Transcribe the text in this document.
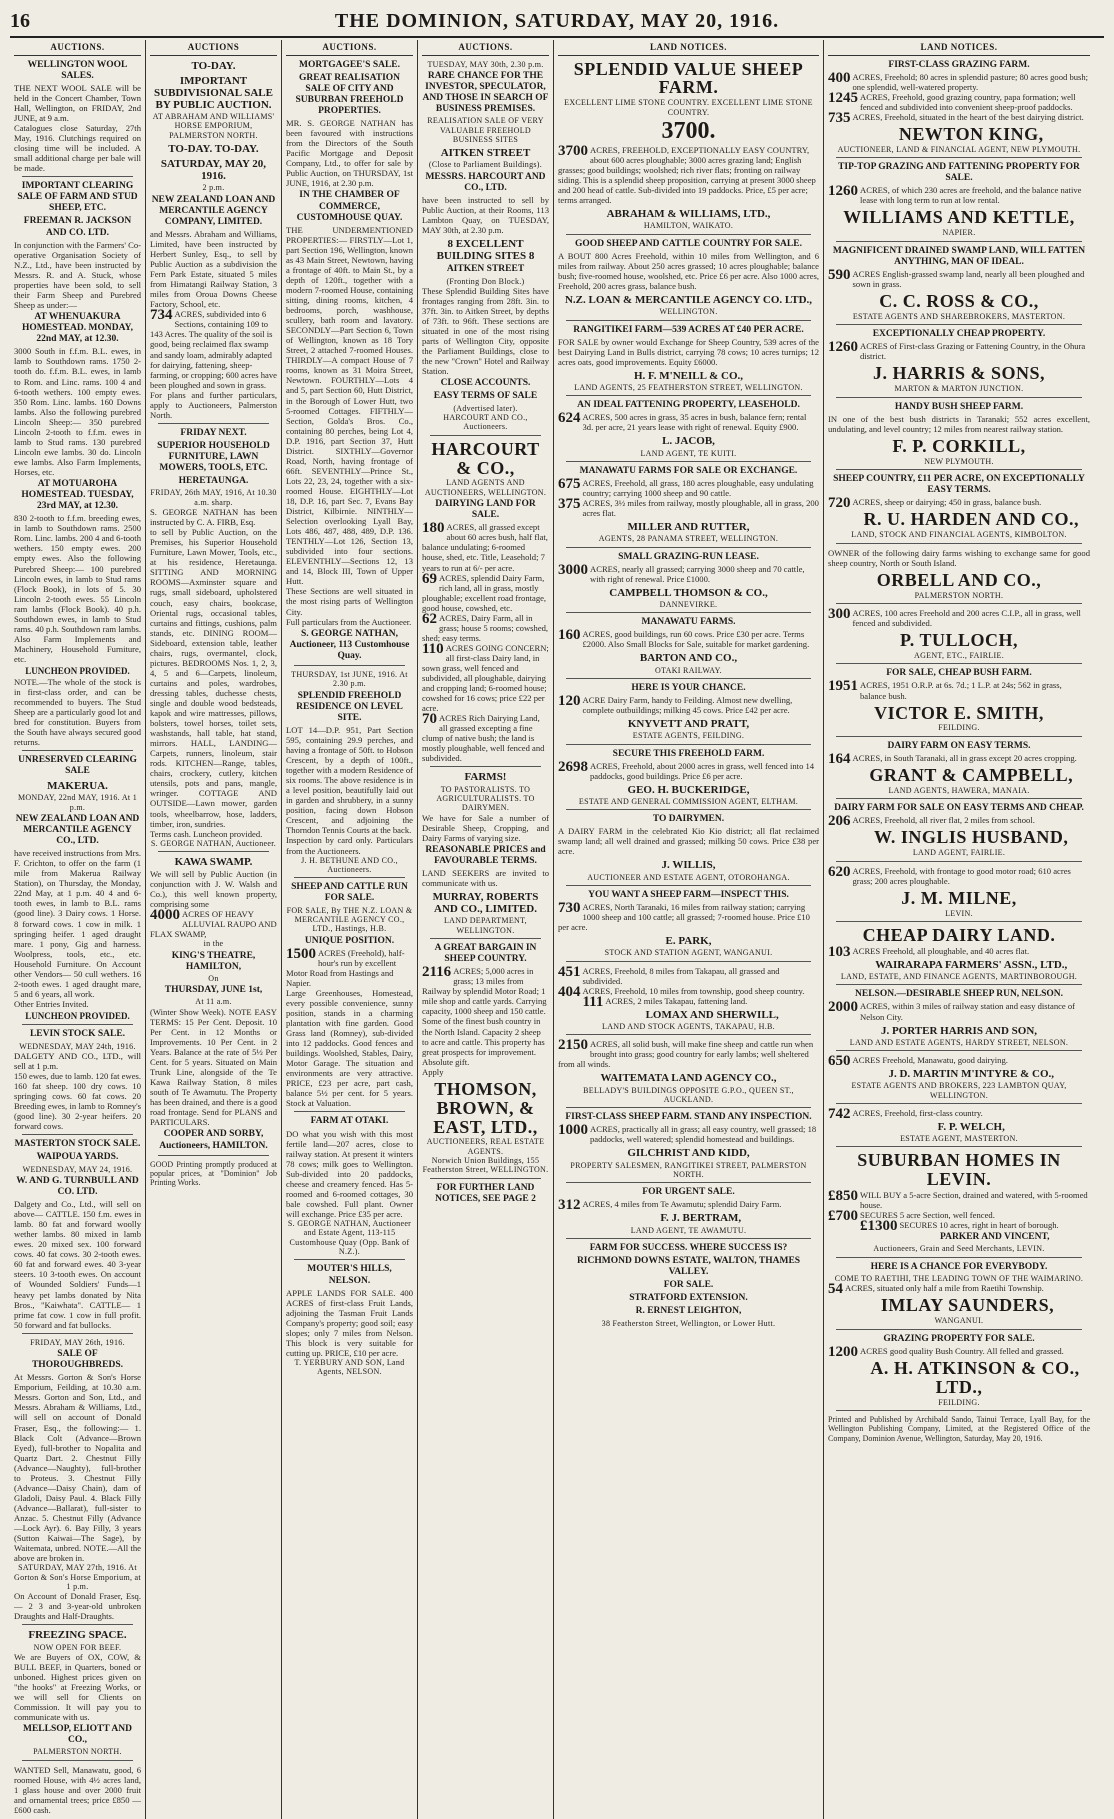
16	THE DOMINION, SATURDAY, MAY 20, 1916.
AUCTIONS.
WELLINGTON WOOL SALES.
THE NEXT WOOL SALE will be held in the Concert Chamber, Town Hall, Wellington, on FRIDAY, 2nd JUNE, at 9 a.m.
Catalogues close Saturday, 27th May, 1916. Clutchings required on closing time will be included. A small additional charge per bale will be made.
IMPORTANT CLEARING SALE OF FARM AND STUD SHEEP, ETC.
FREEMAN R. JACKSON AND CO. LTD.
In conjunction with the Farmers' Co-operative Organisation Society of N.Z., Ltd., have been instructed by Messrs. R. and A. Stuck, whose properties have been sold, to sell their Farm Sheep and Purebred Sheep as under:—
AT WHENUAKURA HOMESTEAD. MONDAY, 22nd MAY, at 12.30.
3000 South in f.f.m. B.L. ewes, in lamb to Southdown rams. 1750 2-tooth do. f.f.m. B.L. ewes, in lamb to Rom. and Linc. rams. 100 4 and 6-tooth wethers. 100 empty ewes. 350 Rom. Linc. lambs. 160 Downs lambs. Also the following purebred Lincoln Sheep:— 350 purebred Lincoln 2-tooth to f.f.m. ewes in lamb to Stud rams. 130 purebred Lincoln ewe lambs. 30 do. Lincoln ewe lambs. Also Farm Implements, Horses, etc.
AT MOTUAROHA HOMESTEAD. TUESDAY, 23rd MAY, at 12.30.
830 2-tooth to f.f.m. breeding ewes, in lamb to Southdown rams. 2500 Rom. Linc. lambs. 200 4 and 6-tooth wethers. 150 empty ewes. 200 empty ewes. Also the following Purebred Sheep:— 100 purebred Lincoln ewes, in lamb to Stud rams (Flock Book), in lots of 5. 30 Lincoln 2-tooth ewes. 55 Lincoln ram lambs (Flock Book). 40 p.h. Southdown ewes, in lamb to Stud rams. 40 p.h. Southdown ram lambs. Also Farm Implements and Machinery, Household Furniture, etc.
LUNCHEON PROVIDED.
NOTE.—The whole of the stock is in first-class order, and can be recommended to buyers. The Stud Sheep are a particularly good lot and bred for constitution. Buyers from the South have always secured good returns.
UNRESERVED CLEARING SALE
MAKERUA.
MONDAY, 22nd MAY, 1916. At 1 p.m.
NEW ZEALAND LOAN AND MERCANTILE AGENCY CO., LTD.
have received instructions from Mrs. F. Crichton, to offer on the farm (1 mile from Makerua Railway Station), on Thursday, the Monday, 22nd May, at 1 p.m. 40 4 and 6-tooth ewes, in lamb to B.L. rams (good line). 3 Dairy cows. 1 Horse. 8 forward cows. 1 cow in milk. 1 springing heifer. 1 aged draught mare. 1 pony, Gig and harness. Woolpress, tools, etc., etc. Household Furniture. On Account other Vendors— 50 cull wethers. 16 2-tooth ewes. 1 aged draught mare, 5 and 6 years, all work.
Other Entries Invited.
LUNCHEON PROVIDED.
LEVIN STOCK SALE.
WEDNESDAY, MAY 24th, 1916.
DALGETY AND CO., LTD., will sell at 1 p.m.
150 ewes, due to lamb. 120 fat ewes. 160 fat sheep. 100 dry cows. 10 springing cows. 60 fat cows. 20 Breeding ewes, in lamb to Romney's (good line). 30 2-year heifers. 20 forward cows.
MASTERTON STOCK SALE.
WAIPOUA YARDS.
WEDNESDAY, MAY 24, 1916.
W. AND G. TURNBULL AND CO. LTD.
Dalgety and Co., Ltd., will sell on above— CATTLE. 150 f.m. ewes in lamb. 80 fat and forward woolly wether lambs. 80 mixed in lamb ewes. 20 mixed sex. 100 forward cows. 40 fat cows. 30 2-tooth ewes. 60 fat and forward ewes. 40 3-year steers. 10 3-tooth ewes. On account of Wounded Soldiers' Funds—1 heavy pet lambs donated by Nita Bros., "Kaiwhata". CATTLE— 1 prime fat cow. 1 cow in full profit. 50 forward and fat bullocks.
FRIDAY, MAY 26th, 1916.
SALE OF THOROUGHBREDS.
At Messrs. Gorton & Son's Horse Emporium, Feilding, at 10.30 a.m. Messrs. Gorton and Son, Ltd., and Messrs. Abraham & Williams, Ltd., will sell on account of Donald Fraser, Esq., the following:— 1. Black Colt (Advance—Brown Eyed), full-brother to Nopalita and Quartz Dart. 2. Chestnut Filly (Advance—Naughty), full-brother to Proteus. 3. Chestnut Filly (Advance—Daisy Chain), dam of Gladoli, Daisy Paul. 4. Black Filly (Advance—Ballarat), full-sister to Anzac. 5. Chestnut Filly (Advance—Lock Ayr). 6. Bay Filly, 3 years (Sutton Kaiwai—The Sage), by Waitemata, unbred. NOTE.—All the above are broken in.
SATURDAY, MAY 27th, 1916. At Gorton & Son's Horse Emporium, at 1 p.m.
On Account of Donald Fraser, Esq.— 2 3 and 3-year-old unbroken Draughts and Half-Draughts.
FREEZING SPACE.
NOW OPEN FOR BEEF.
We are Buyers of OX, COW, & BULL BEEF, in Quarters, boned or unboned. Highest prices given on "the hooks" at Freezing Works, or we will sell for Clients on Commission. It will pay you to communicate with us.
MELLSOP, ELIOTT AND CO.,
PALMERSTON NORTH.
WANTED Sell, Manawatu, good, 6 roomed House, with 4½ acres land, 1 glass house and over 2000 fruit and ornamental trees; price £850 — £600 cash.
AUCTIONS
TO-DAY.
IMPORTANT SUBDIVISIONAL SALE BY PUBLIC AUCTION.
AT ABRAHAM AND WILLIAMS' HORSE EMPORIUM, PALMERSTON NORTH.
TO-DAY. TO-DAY.
SATURDAY, MAY 20, 1916.
2 p.m.
NEW ZEALAND LOAN AND MERCANTILE AGENCY COMPANY, LIMITED.
and Messrs. Abraham and Williams, Limited, have been instructed by Herbert Sunley, Esq., to sell by Public Auction as a subdivision the Fern Park Estate, situated 5 miles from Himatangi Railway Station, 3 miles from Oroua Downs Cheese Factory, School, etc.
734 ACRES, subdivided into 6 Sections, containing 109 to 143 Acres. The quality of the soil is good, being reclaimed flax swamp and sandy loam, admirably adapted for dairying, fattening, sheep-farming, or cropping; 600 acres have been ploughed and sown in grass.
For plans and further particulars, apply to Auctioneers, Palmerston North.
FRIDAY NEXT.
SUPERIOR HOUSEHOLD FURNITURE, LAWN MOWERS, TOOLS, ETC.
HERETAUNGA.
FRIDAY, 26th MAY, 1916, At 10.30 a.m. sharp.
S. GEORGE NATHAN has been instructed by C. A. FIRB, Esq.
to sell by Public Auction, on the Premises, his Superior Household Furniture, Lawn Mower, Tools, etc., at his residence, Heretaunga. SITTING AND MORNING ROOMS—Axminster square and rugs, small sideboard, upholstered couch, easy chairs, bookcase, Oriental rugs, occasional tables, curtains and fittings, cushions, palm stands, etc. DINING ROOM—Sideboard, extension table, leather chairs, rugs, overmantel, clock, pictures. BEDROOMS Nos. 1, 2, 3, 4, 5 and 6—Carpets, linoleum, curtains and poles, wardrobes, dressing tables, duchesse chests, single and double wood bedsteads, kapok and wire mattresses, pillows, bolsters, towel horses, toilet sets, washstands, hall table, hat stand, mirrors. HALL, LANDING—Carpets, runners, linoleum, stair rods. KITCHEN—Range, tables, chairs, crockery, cutlery, kitchen utensils, pots and pans, mangle, wringer. COTTAGE AND OUTSIDE—Lawn mower, garden tools, wheelbarrow, hose, ladders, timber, iron, sundries.
Terms cash. Luncheon provided.
S. GEORGE NATHAN, Auctioneer.
KAWA SWAMP.
We will sell by Public Auction (in conjunction with J. W. Walsh and Co.), this well known property, comprising some
4000 ACRES OF HEAVY ALLUVIAL RAUPO AND FLAX SWAMP,
in the
KING'S THEATRE, HAMILTON,
On
THURSDAY, JUNE 1st,
At 11 a.m.
(Winter Show Week). NOTE EASY TERMS: 15 Per Cent. Deposit. 10 Per Cent. in 12 Months or Improvements. 10 Per Cent. in 2 Years. Balance at the rate of 5½ Per Cent. for 5 years. Situated on Main Trunk Line, alongside of the Te Kawa Railway Station, 8 miles south of Te Awamutu. The Property has been drained, and there is a good road frontage. Send for PLANS and PARTICULARS.
COOPER AND SORBY, Auctioneers, HAMILTON.
GOOD Printing promptly produced at popular prices, at "Dominion" Job Printing Works.
AUCTIONS.
MORTGAGEE'S SALE.
GREAT REALISATION SALE OF CITY AND SUBURBAN FREEHOLD PROPERTIES.
MR. S. GEORGE NATHAN has been favoured with instructions from the Directors of the South Pacific Mortgage and Deposit Company, Ltd., to offer for sale by Public Auction, on THURSDAY, 1st JUNE, 1916, at 2.30 p.m.
IN THE CHAMBER OF COMMERCE, CUSTOMHOUSE QUAY.
THE UNDERMENTIONED PROPERTIES:— FIRSTLY—Lot 1, part Section 196, Wellington, known as 43 Main Street, Newtown, having a frontage of 40ft. to Main St., by a depth of 120ft., together with a modern 7-roomed House, containing sitting, dining rooms, kitchen, 4 bedrooms, porch, washhouse, scullery, bath room and lavatory. SECONDLY—Part Section 6, Town of Wellington, known as 18 Tory Street, 2 attached 7-roomed Houses. THIRDLY—A compact House of 7 rooms, known as 31 Moira Street, Newtown. FOURTHLY—Lots 4 and 5, part Section 60, Hutt District, in the Borough of Lower Hutt, two 5-roomed Cottages. FIFTHLY—Section, Golda's Bros. Co., containing 80 perches, being Lot 4, D.P. 1916, part Section 37, Hutt District. SIXTHLY—Governor Road, North, having frontage of 66ft. SEVENTHLY—Prince St., Lots 22, 23, 24, together with a six-roomed House. EIGHTHLY—Lot 18, D.P. 16, part Sec. 7, Evans Bay District, Kilbirnie. NINTHLY—Selection overlooking Lyall Bay, Lots 486, 487, 488, 489, D.P. 136. TENTHLY—Lot 126, Section 13, subdivided into four sections. ELEVENTHLY—Sections 12, 13 and 14, Block III, Town of Upper Hutt.
These Sections are well situated in the most rising parts of Wellington City.
Full particulars from the Auctioneer.
S. GEORGE NATHAN, Auctioneer, 113 Customhouse Quay.
THURSDAY, 1st JUNE, 1916. At 2.30 p.m.
SPLENDID FREEHOLD RESIDENCE ON LEVEL SITE.
LOT 14—D.P. 951, Part Section 595, containing 29.9 perches, and having a frontage of 50ft. to Hobson Crescent, by a depth of 100ft., together with a modern Residence of six rooms. The above residence is in a level position, beautifully laid out in garden and shrubbery, in a sunny position, facing down Hobson Crescent, and adjoining the Thorndon Tennis Courts at the back.
Inspection by card only. Particulars from the Auctioneers.
J. H. BETHUNE AND CO., Auctioneers.
SHEEP AND CATTLE RUN FOR SALE.
FOR SALE, By THE N.Z. LOAN & MERCANTILE AGENCY CO., LTD., Hastings, H.B.
UNIQUE POSITION.
1500 ACRES (Freehold), half-hour's run by excellent Motor Road from Hastings and Napier.
Large Greenhouses, Homestead, every possible convenience, sunny position, stands in a charming plantation with fine garden. Good Grass land (Romney), sub-divided into 12 paddocks. Good fences and buildings. Woolshed, Stables, Dairy, Motor Garage. The situation and environments are very attractive. PRICE, £23 per acre, part cash, balance 5½ per cent. for 5 years. Stock at Valuation.
FARM AT OTAKI.
DO what you wish with this most fertile land—207 acres, close to railway station. At present it winters 78 cows; milk goes to Wellington. Sub-divided into 20 paddocks, cheese and creamery fenced. Has 5-roomed and 6-roomed cottages, 30 bale cowshed. Full plant. Owner will exchange. Price £35 per acre.
S. GEORGE NATHAN, Auctioneer and Estate Agent, 113-115 Customhouse Quay (Opp. Bank of N.Z.).
MOUTER'S HILLS, NELSON.
APPLE LANDS FOR SALE. 400 ACRES of first-class Fruit Lands, adjoining the Tasman Fruit Lands Company's property; good soil; easy slopes; only 7 miles from Nelson. This block is very suitable for cutting up. PRICE, £10 per acre.
T. YERBURY AND SON, Land Agents, NELSON.
AUCTIONS.
TUESDAY, MAY 30th, 2.30 p.m.
RARE CHANCE FOR THE INVESTOR, SPECULATOR, AND THOSE IN SEARCH OF BUSINESS PREMISES.
REALISATION SALE OF VERY VALUABLE FREEHOLD BUSINESS SITES
AITKEN STREET
(Close to Parliament Buildings).
MESSRS. HARCOURT AND CO., LTD.
have been instructed to sell by Public Auction, at their Rooms, 113 Lambton Quay, on TUESDAY, MAY 30th, at 2.30 p.m.
8 EXCELLENT BUILDING SITES 8
AITKEN STREET
(Fronting Don Block.)
These Splendid Building Sites have frontages ranging from 28ft. 3in. to 37ft. 3in. to Aitken Street, by depths of 73ft. to 96ft. These sections are situated in one of the most rising parts of Wellington City, opposite the Parliament Buildings, close to the new "Crown" Hotel and Railway Station.
CLOSE ACCOUNTS.
EASY TERMS OF SALE
(Advertised later).
HARCOURT AND CO., Auctioneers.
HARCOURT & CO.,
LAND AGENTS AND AUCTIONEERS, WELLINGTON.
DAIRYING LAND FOR SALE.
180 ACRES, all grassed except about 60 acres bush, half flat, balance undulating; 6-roomed house, shed, etc. Title, Leasehold; 7 years to run at 6/- per acre.
69 ACRES, splendid Dairy Farm, rich land, all in grass, mostly ploughable; excellent road frontage, good house, cowshed, etc.
62 ACRES, Dairy Farm, all in grass; house 5 rooms; cowshed, shed; easy terms.
110 ACRES GOING CONCERN; all first-class Dairy land, in sown grass, well fenced and subdivided, all ploughable, dairying and cropping land; 6-roomed house; cowshed for 16 cows; price £22 per acre.
70 ACRES Rich Dairying Land, all grassed excepting a fine clump of native bush; the land is mostly ploughable, well fenced and subdivided.
FARMS!
TO PASTORALISTS. TO AGRICULTURALISTS. TO DAIRYMEN.
We have for Sale a number of Desirable Sheep, Cropping, and Dairy Farms of varying size.
REASONABLE PRICES and FAVOURABLE TERMS.
LAND SEEKERS are invited to communicate with us.
MURRAY, ROBERTS AND CO., LIMITED.
LAND DEPARTMENT, WELLINGTON.
A GREAT BARGAIN IN SHEEP COUNTRY.
2116 ACRES; 5,000 acres in grass; 13 miles from Railway by splendid Motor Road; 1 mile shop and cattle yards. Carrying capacity, 1000 sheep and 150 cattle. Some of the finest bush country in the North Island. Capacity 2 sheep to acre and cattle. This property has great prospects for improvement. Absolute gift.
Apply
THOMSON, BROWN, & EAST, LTD.,
AUCTIONEERS, REAL ESTATE AGENTS.
Norwich Union Buildings, 155 Featherston Street, WELLINGTON.
FOR FURTHER LAND NOTICES, SEE PAGE 2
LAND NOTICES.
SPLENDID VALUE SHEEP FARM.
EXCELLENT LIME STONE COUNTRY. EXCELLENT LIME STONE COUNTRY.
3700.
3700 ACRES, FREEHOLD, EXCEPTIONALLY EASY COUNTRY, about 600 acres ploughable; 3000 acres grazing land; English grasses; good buildings; woolshed; rich river flats; fronting on railway siding. This is a splendid sheep proposition, carrying at present 3000 sheep and 200 head of cattle. Sub-divided into 19 paddocks. Price, £5 per acre; terms arranged.
ABRAHAM & WILLIAMS, LTD.,
HAMILTON, WAIKATO.
GOOD SHEEP AND CATTLE COUNTRY FOR SALE.
A BOUT 800 Acres Freehold, within 10 miles from Wellington, and 6 miles from railway. About 250 acres grassed; 10 acres ploughable; balance bush; five-roomed house, woolshed, etc. Price £6 per acre. Also 1000 acres, Freehold, 200 acres grass, balance bush.
N.Z. LOAN & MERCANTILE AGENCY CO. LTD.,
WELLINGTON.
RANGITIKEI FARM—539 ACRES AT £40 PER ACRE.
FOR SALE by owner would Exchange for Sheep Country, 539 acres of the best Dairying Land in Bulls district, carrying 78 cows; 10 acres turnips; 12 acres oats, good improvements. Equity £6000.
H. F. M'NEILL & CO.,
LAND AGENTS, 25 FEATHERSTON STREET, WELLINGTON.
AN IDEAL FATTENING PROPERTY, LEASEHOLD.
624 ACRES, 500 acres in grass, 35 acres in bush, balance fern; rental 3d. per acre, 21 years lease with right of renewal. Equity £900.
L. JACOB,
LAND AGENT, TE KUITI.
MANAWATU FARMS FOR SALE OR EXCHANGE.
675 ACRES, Freehold, all grass, 180 acres ploughable, easy undulating country; carrying 1000 sheep and 90 cattle.
375 ACRES, 3½ miles from railway, mostly ploughable, all in grass, 200 acres flat.
MILLER AND RUTTER,
AGENTS, 28 PANAMA STREET, WELLINGTON.
SMALL GRAZING-RUN LEASE.
3000 ACRES, nearly all grassed; carrying 3000 sheep and 70 cattle, with right of renewal. Price £1000.
CAMPBELL THOMSON & CO.,
DANNEVIRKE.
MANAWATU FARMS.
160 ACRES, good buildings, run 60 cows. Price £30 per acre. Terms £2000. Also Small Blocks for Sale, suitable for market gardening.
BARTON AND CO.,
OTAKI RAILWAY.
HERE IS YOUR CHANCE.
120 ACRE Dairy Farm, handy to Feilding. Almost new dwelling, complete outbuildings; milking 45 cows. Price £42 per acre.
KNYVETT AND PRATT,
ESTATE AGENTS, FEILDING.
SECURE THIS FREEHOLD FARM.
2698 ACRES, Freehold, about 2000 acres in grass, well fenced into 14 paddocks, good buildings. Price £6 per acre.
GEO. H. BUCKERIDGE,
ESTATE AND GENERAL COMMISSION AGENT, ELTHAM.
TO DAIRYMEN.
A DAIRY FARM in the celebrated Kio Kio district; all flat reclaimed swamp land; all well drained and grassed; milking 50 cows. Price £38 per acre.
J. WILLIS,
AUCTIONEER AND ESTATE AGENT, OTOROHANGA.
YOU WANT A SHEEP FARM—INSPECT THIS.
730 ACRES, North Taranaki, 16 miles from railway station; carrying 1000 sheep and 100 cattle; all grassed; 7-roomed house. Price £10 per acre.
E. PARK,
STOCK AND STATION AGENT, WANGANUI.
451 ACRES, Freehold, 8 miles from Takapau, all grassed and subdivided.
404 ACRES, Freehold, 10 miles from township, good sheep country.
111 ACRES, 2 miles Takapau, fattening land.
LOMAX AND SHERWILL,
LAND AND STOCK AGENTS, TAKAPAU, H.B.
2150 ACRES, all solid bush, will make fine sheep and cattle run when brought into grass; good country for early lambs; well sheltered from all winds.
WAITEMATA LAND AGENCY CO.,
BELLADY'S BUILDINGS OPPOSITE G.P.O., QUEEN ST., AUCKLAND.
FIRST-CLASS SHEEP FARM. STAND ANY INSPECTION.
1000 ACRES, practically all in grass; all easy country, well grassed; 18 paddocks, well watered; splendid homestead and buildings.
GILCHRIST AND KIDD,
PROPERTY SALESMEN, RANGITIKEI STREET, PALMERSTON NORTH.
FOR URGENT SALE.
312 ACRES, 4 miles from Te Awamutu; splendid Dairy Farm.
F. J. BERTRAM,
LAND AGENT, TE AWAMUTU.
FARM FOR SUCCESS. WHERE SUCCESS IS?
RICHMOND DOWNS ESTATE, WALTON, THAMES VALLEY.
FOR SALE.
STRATFORD EXTENSION.
R. ERNEST LEIGHTON,
38 Featherston Street, Wellington, or Lower Hutt.
LAND NOTICES.
FIRST-CLASS GRAZING FARM.
400 ACRES, Freehold; 80 acres in splendid pasture; 80 acres good bush; one splendid, well-watered property.
1245 ACRES, Freehold, good grazing country, papa formation; well fenced and subdivided into convenient sheep-proof paddocks.
735 ACRES, Freehold, situated in the heart of the best dairying district.
NEWTON KING,
AUCTIONEER, LAND & FINANCIAL AGENT, NEW PLYMOUTH.
TIP-TOP GRAZING AND FATTENING PROPERTY FOR SALE.
1260 ACRES, of which 230 acres are freehold, and the balance native lease with long term to run at low rental.
WILLIAMS AND KETTLE,
NAPIER.
MAGNIFICENT DRAINED SWAMP LAND, WILL FATTEN ANYTHING, MAN OF IDEAL.
590 ACRES English-grassed swamp land, nearly all been ploughed and sown in grass.
C. C. ROSS & CO.,
ESTATE AGENTS AND SHAREBROKERS, MASTERTON.
EXCEPTIONALLY CHEAP PROPERTY.
1260 ACRES of First-class Grazing or Fattening Country, in the Ohura district.
J. HARRIS & SONS,
MARTON & MARTON JUNCTION.
HANDY BUSH SHEEP FARM.
IN one of the best bush districts in Taranaki; 552 acres excellent, undulating, and level country; 12 miles from nearest railway station.
F. P. CORKILL,
NEW PLYMOUTH.
SHEEP COUNTRY, £11 PER ACRE, ON EXCEPTIONALLY EASY TERMS.
720 ACRES, sheep or dairying; 450 in grass, balance bush.
R. U. HARDEN AND CO.,
LAND, STOCK AND FINANCIAL AGENTS, KIMBOLTON.
OWNER of the following dairy farms wishing to exchange same for good sheep country, North or South Island.
ORBELL AND CO.,
PALMERSTON NORTH.
300 ACRES, 100 acres Freehold and 200 acres C.I.P., all in grass, well fenced and subdivided.
P. TULLOCH,
AGENT, ETC., FAIRLIE.
FOR SALE, CHEAP BUSH FARM.
1951 ACRES, 1951 O.R.P. at 6s. 7d.; 1 L.P. at 24s; 562 in grass, balance bush.
VICTOR E. SMITH,
FEILDING.
DAIRY FARM ON EASY TERMS.
164 ACRES, in South Taranaki, all in grass except 20 acres cropping.
GRANT & CAMPBELL,
LAND AGENTS, HAWERA, MANAIA.
DAIRY FARM FOR SALE ON EASY TERMS AND CHEAP.
206 ACRES, Freehold, all river flat, 2 miles from school.
W. INGLIS HUSBAND,
LAND AGENT, FAIRLIE.
620 ACRES, Freehold, with frontage to good motor road; 610 acres grass; 200 acres ploughable.
J. M. MILNE,
LEVIN.
CHEAP DAIRY LAND.
103 ACRES Freehold, all ploughable, and 40 acres flat.
WAIRARAPA FARMERS' ASSN., LTD.,
LAND, ESTATE, AND FINANCE AGENTS, MARTINBOROUGH.
NELSON.—DESIRABLE SHEEP RUN, NELSON.
2000 ACRES, within 3 miles of railway station and easy distance of Nelson City.
J. PORTER HARRIS AND SON,
LAND AND ESTATE AGENTS, HARDY STREET, NELSON.
650 ACRES Freehold, Manawatu, good dairying.
J. D. MARTIN M'INTYRE & CO.,
ESTATE AGENTS AND BROKERS, 223 LAMBTON QUAY, WELLINGTON.
742 ACRES, Freehold, first-class country.
F. P. WELCH,
ESTATE AGENT, MASTERTON.
SUBURBAN HOMES IN LEVIN.
£850 WILL BUY a 5-acre Section, drained and watered, with 5-roomed house.
£700 SECURES 5 acre Section, well fenced.
£1300 SECURES 10 acres, right in heart of borough.
PARKER AND VINCENT,
Auctioneers, Grain and Seed Merchants, LEVIN.
HERE IS A CHANCE FOR EVERYBODY.
COME TO RAETIHI, THE LEADING TOWN OF THE WAIMARINO.
54 ACRES, situated only half a mile from Raetihi Township.
IMLAY SAUNDERS,
WANGANUI.
GRAZING PROPERTY FOR SALE.
1200 ACRES good quality Bush Country. All felled and grassed.
A. H. ATKINSON & CO., LTD.,
FEILDING.
Printed and Published by Archibald Sando, Tainui Terrace, Lyall Bay, for the Wellington Publishing Company, Limited, at the Registered Office of the Company, Dominion Avenue, Wellington, Saturday, May 20, 1916.
